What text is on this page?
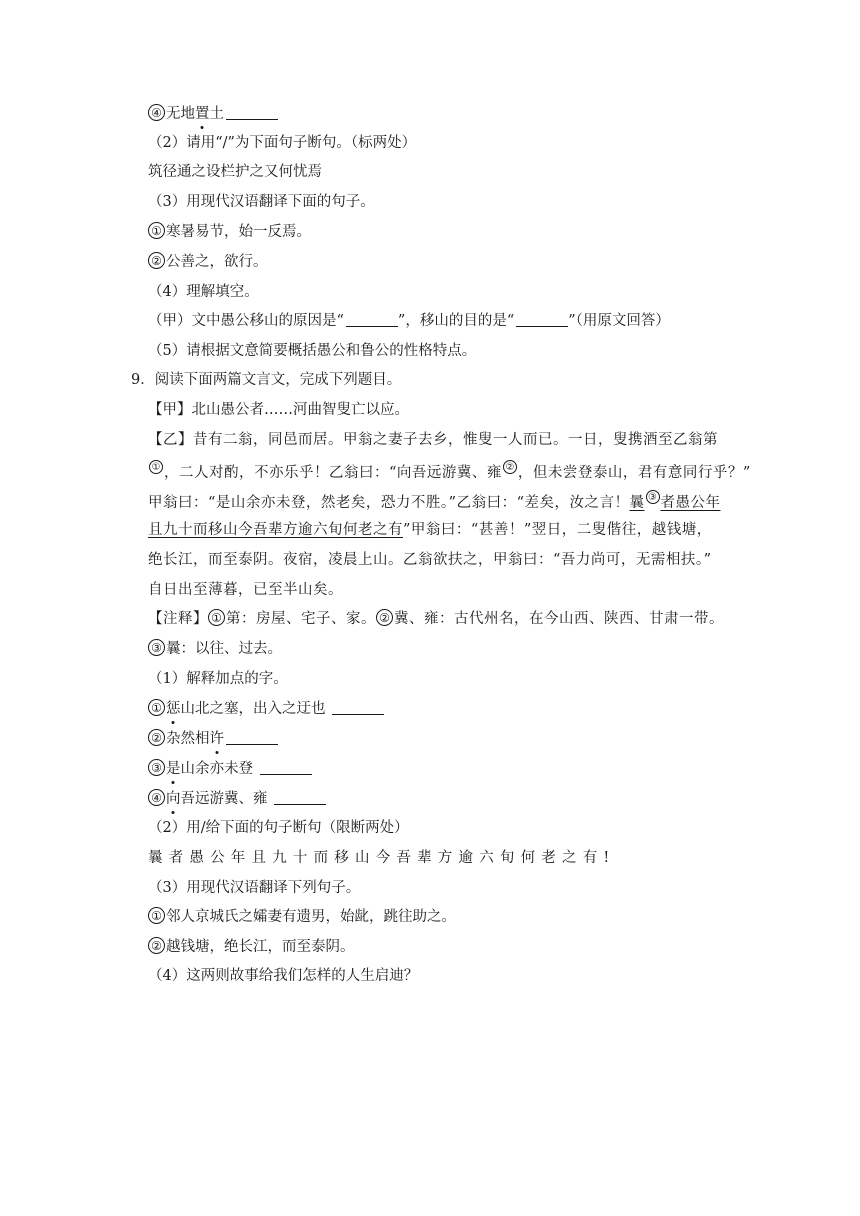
④ 无地置土
（2）请用“/”为下面句子断句。（标两处）
筑径通之设栏护之又何忧焉
（3）用现代汉语翻译下面的句子。
① 寒暑易节，始一反焉。
② 公善之，欲行。
（4）理解填空。
（甲）文中愚公移山的原因是“	”，移山的目的是“	”（用原文回答）
（5）请根据文意简要概括愚公和鲁公的性格特点。
9．阅读下面两篇文言文，完成下列题目。
【甲】北山愚公者……河曲智叟亡以应。
【乙】昔有二翁，同邑而居。甲翁之妻子去乡，惟叟一人而已。一日，叟携酒至乙翁第
① ，二人对酌，不亦乐乎！乙翁曰：“向吾远游冀、雍 ② ，但未尝登泰山，君有意同行乎？”
甲翁曰：“是山余亦未登，然老矣，恐力不胜。”乙翁曰：“差矣，汝之言！曩 ③ 者愚公年
且九十而移山今吾辈方逾六旬何老之有”甲翁曰：“甚善！”翌日，二叟偕往，越钱塘，
绝长江，而至泰阴。夜宿，凌晨上山。乙翁欲扶之，甲翁曰：“吾力尚可，无需相扶。”
自日出至薄暮，已至半山矣。
【注释】 ① 第：房屋、宅子、家。 ② 冀、雍：古代州名，在今山西、陕西、甘肃一带。
③ 曩：以往、过去。
（1）解释加点的字。
① 惩山北之塞，出入之迂也
② 杂然相许
③ 是山余亦未登
④ 向吾远游冀、雍
（2）用/给下面的句子断句（限断两处）
曩者愚公年且九十而移山今吾辈方逾六旬何老之有!
（3）用现代汉语翻译下列句子。
① 邻人京城氏之孀妻有遗男，始龀，跳往助之。
② 越钱塘，绝长江，而至泰阴。
（4）这两则故事给我们怎样的人生启迪？
